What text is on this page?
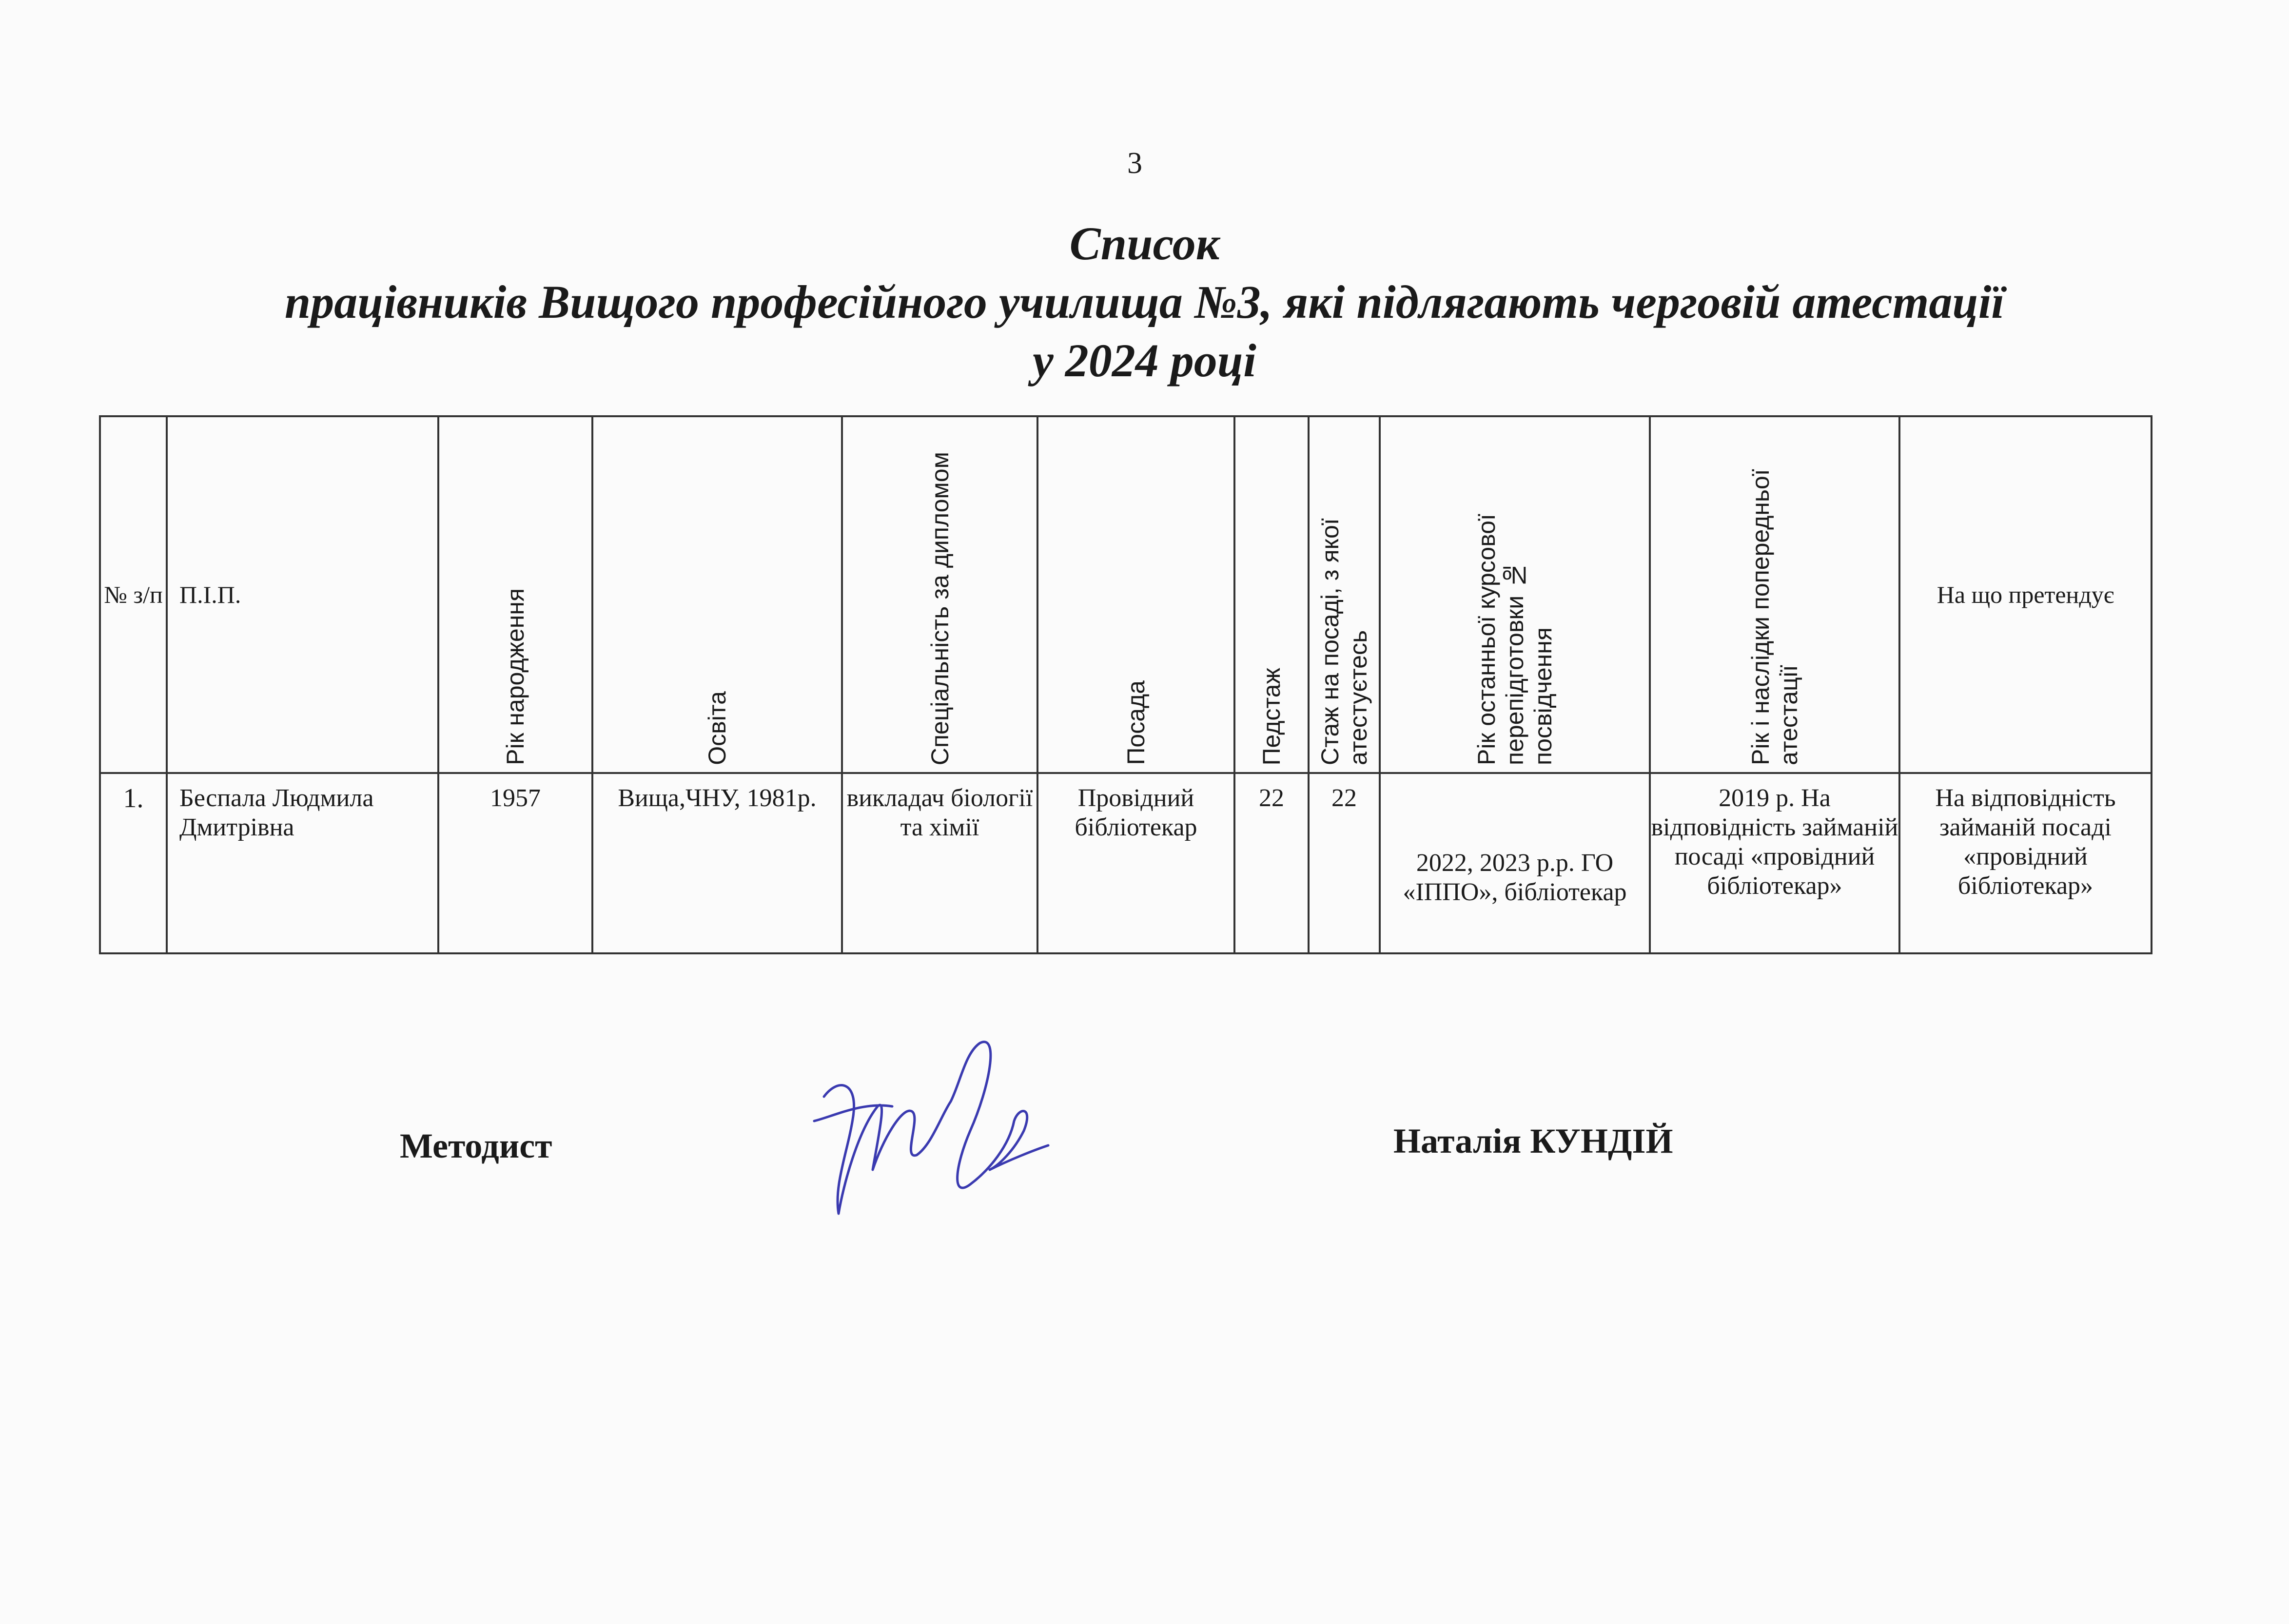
3
Список
працівників Вищого професійного училища №3, які підлягають черговій атестації
у 2024 році
№ з/п	П.І.П.	Рік народження	Освіта	Спеціальність за дипломом	Посада	Педстаж	Стаж на посаді, з якої атестуєтесь	Рік останньої курсової перепідготовки № посвідчення	Рік і наслідки попередньої атестації	На що претендує
1.	Беспала Людмила Дмитрівна	1957	Вища,ЧНУ, 1981р.	викладач біології та хімії	Провідний бібліотекар	22	22	2022, 2023 р.р. ГО «ІППО», бібліотекар	2019 р. На відповідність займаній посаді «провідний бібліотекар»	На відповідність займаній посаді «провідний бібліотекар»
Методист	Наталія КУНДІЙ
